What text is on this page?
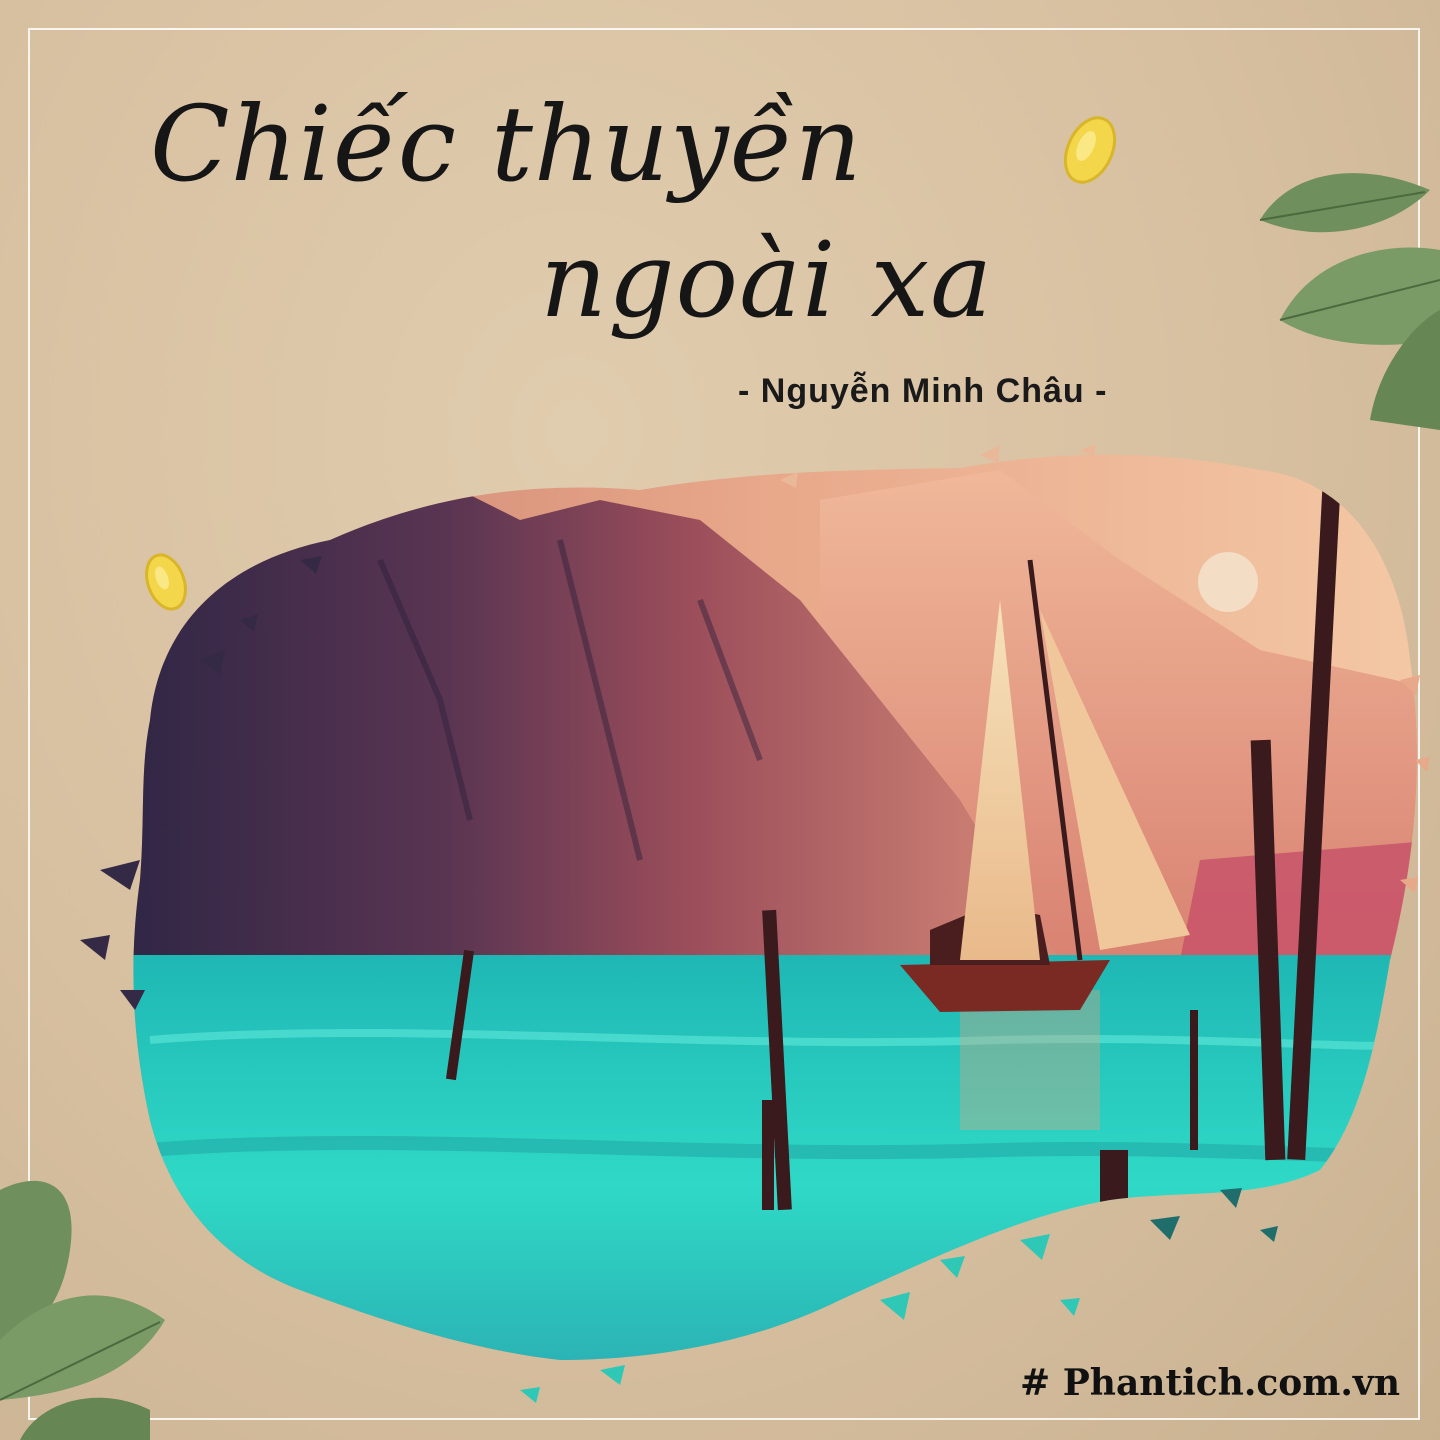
Chiếc thuyền
ngoài xa
- Nguyễn Minh Châu -
# Phantich.com.vn
